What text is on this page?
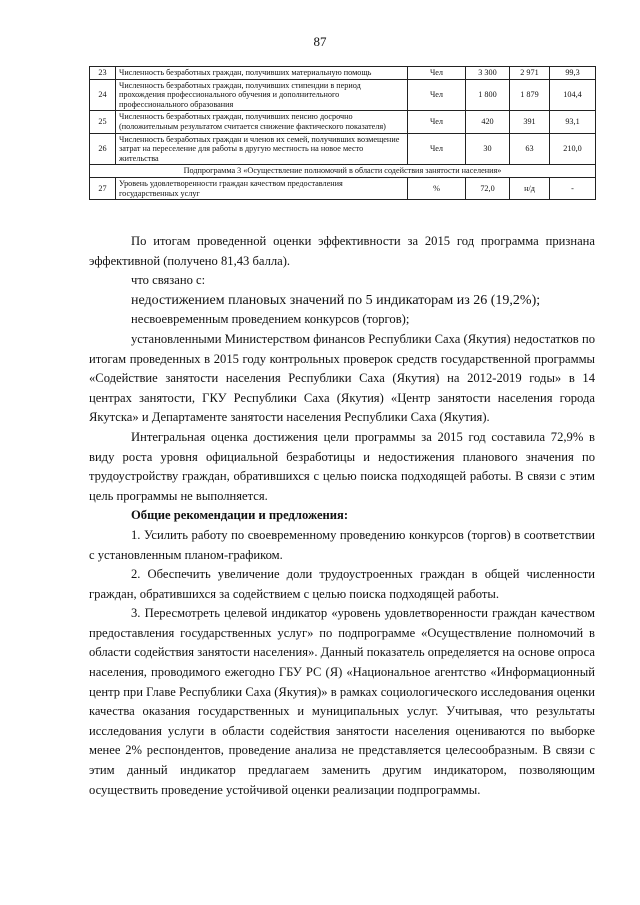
87
23	Численность безработных граждан, получивших материальную помощь	Чел	3 300	2 971	99,3
24	Численность безработных граждан, получивших стипендии в период прохождения профессионального обучения и дополнительного профессионального образования	Чел	1 800	1 879	104,4
25	Численность безработных граждан, получивших пенсию досрочно (положительным результатом считается снижение фактического показателя)	Чел	420	391	93,1
26	Численность безработных граждан и членов их семей, получивших возмещение затрат на переселение для работы в другую местность на новое место жительства	Чел	30	63	210,0
Подпрограмма 3 «Осуществление полномочий в области содействия занятости населения»					
27	Уровень удовлетворенности граждан качеством предоставления государственных услуг	%	72,0	н/д	-

По итогам проведенной оценки эффективности за 2015 год программа признана эффективной (получено 81,43 балла).

что связано с:

недостижением плановых значений по 5 индикаторам из 26 (19,2%);

несвоевременным проведением конкурсов (торгов);

установленными Министерством финансов Республики Саха (Якутия) недостатков по итогам проведенных в 2015 году контрольных проверок средств государственной программы «Содействие занятости населения Республики Саха (Якутия) на 2012-2019 годы» в 14 центрах занятости, ГКУ Республики Саха (Якутия) «Центр занятости населения города Якутска» и Департаменте занятости населения Республики Саха (Якутия).

Интегральная оценка достижения цели программы за 2015 год составила 72,9% в виду роста уровня официальной безработицы и недостижения планового значения по трудоустройству граждан, обратившихся с целью поиска подходящей работы. В связи с этим цель программы не выполняется.

Общие рекомендации и предложения:

1. Усилить работу по своевременному проведению конкурсов (торгов) в соответствии с установленным планом-графиком.

2. Обеспечить увеличение доли трудоустроенных граждан в общей численности граждан, обратившихся за содействием с целью поиска подходящей работы.

3. Пересмотреть целевой индикатор «уровень удовлетворенности граждан качеством предоставления государственных услуг» по подпрограмме «Осуществление полномочий в области содействия занятости населения». Данный показатель определяется на основе опроса населения, проводимого ежегодно ГБУ РС (Я) «Национальное агентство «Информационный центр при Главе Республики Саха (Якутия)» в рамках социологического исследования оценки качества оказания государственных и муниципальных услуг. Учитывая, что результаты исследования услуги в области содействия занятости населения оцениваются по выборке менее 2% респондентов, проведение анализа не представляется целесообразным. В связи с этим данный индикатор предлагаем заменить другим индикатором, позволяющим осуществить проведение устойчивой оценки реализации подпрограммы.
